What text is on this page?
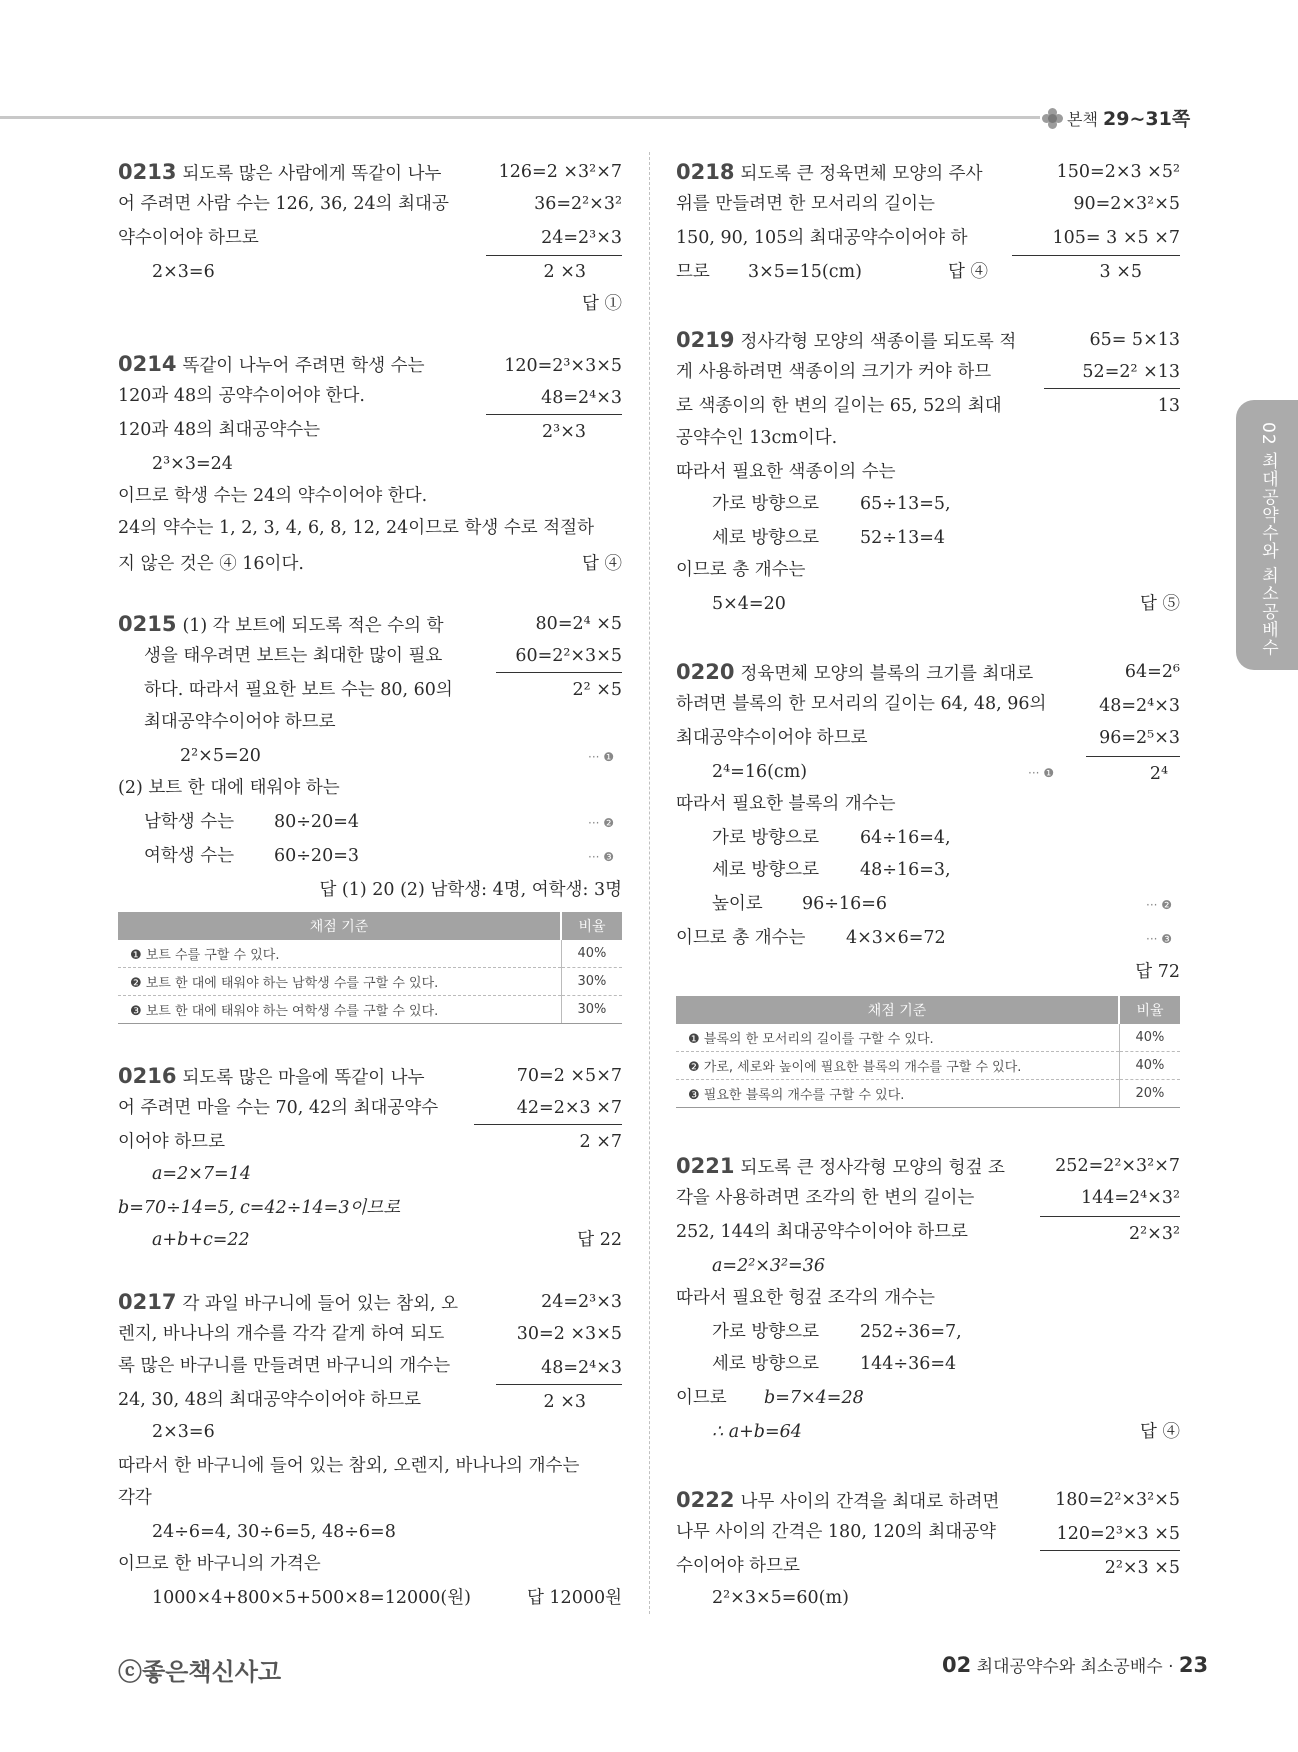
본책 29~31쪽
02 최대공약수와 최소공배수
0213 되도록 많은 사람에게 똑같이 나누
어 주려면 사람 수는 126, 36, 24의 최대공
약수이어야 하므로
2×3=6
126=2 ×3²×7
36=2²×3²
24=2³×3
2 ×3
답 ①
0214 똑같이 나누어 주려면 학생 수는
120과 48의 공약수이어야 한다.
120과 48의 최대공약수는
2³×3=24
이므로 학생 수는 24의 약수이어야 한다.
24의 약수는 1, 2, 3, 4, 6, 8, 12, 24이므로 학생 수로 적절하
지 않은 것은 ④ 16이다.
120=2³×3×5
48=2⁴×3
2³×3
답 ④
0215 (1) 각 보트에 되도록 적은 수의 학
생을 태우려면 보트는 최대한 많이 필요
하다. 따라서 필요한 보트 수는 80, 60의
최대공약수이어야 하므로
2²×5=20
(2) 보트 한 대에 태워야 하는
남학생 수는 80÷20=4
여학생 수는 60÷20=3
··· ❶
··· ❷
··· ❸
80=2⁴ ×5
60=2²×3×5
2² ×5
답 (1) 20 (2) 남학생: 4명, 여학생: 3명
채점 기준	비율
❶ 보트 수를 구할 수 있다.	40%
❷ 보트 한 대에 태워야 하는 남학생 수를 구할 수 있다.	30%
❸ 보트 한 대에 태워야 하는 여학생 수를 구할 수 있다.	30%
0216 되도록 많은 마을에 똑같이 나누
어 주려면 마을 수는 70, 42의 최대공약수
이어야 하므로
a=2×7=14
b=70÷14=5, c=42÷14=3이므로
a+b+c=22
70=2 ×5×7
42=2×3 ×7
2 ×7
답 22
0217 각 과일 바구니에 들어 있는 참외, 오
렌지, 바나나의 개수를 각각 같게 하여 되도
록 많은 바구니를 만들려면 바구니의 개수는
24, 30, 48의 최대공약수이어야 하므로
2×3=6
따라서 한 바구니에 들어 있는 참외, 오렌지, 바나나의 개수는
각각
24÷6=4, 30÷6=5, 48÷6=8
이므로 한 바구니의 가격은
1000×4+800×5+500×8=12000(원)
24=2³×3
30=2 ×3×5
48=2⁴×3
2 ×3
답 12000원
0218 되도록 큰 정육면체 모양의 주사
위를 만들려면 한 모서리의 길이는
150, 90, 105의 최대공약수이어야 하
므로 3×5=15(cm)	답 ④
150=2×3 ×5²
90=2×3²×5
105= 3 ×5 ×7
3 ×5
0219 정사각형 모양의 색종이를 되도록 적
게 사용하려면 색종이의 크기가 커야 하므
로 색종이의 한 변의 길이는 65, 52의 최대
공약수인 13cm이다.
따라서 필요한 색종이의 수는
가로 방향으로 65÷13=5,
세로 방향으로 52÷13=4
이므로 총 개수는
5×4=20	답 ⑤
65= 5×13
52=2² ×13
13
0220 정육면체 모양의 블록의 크기를 최대로
하려면 블록의 한 모서리의 길이는 64, 48, 96의
최대공약수이어야 하므로
2⁴=16(cm)
따라서 필요한 블록의 개수는
가로 방향으로 64÷16=4,
세로 방향으로 48÷16=3,
높이로 96÷16=6
이므로 총 개수는 4×3×6=72
··· ❶
··· ❷
··· ❸
64=2⁶
48=2⁴×3
96=2⁵×3
2⁴
답 72
채점 기준	비율
❶ 블록의 한 모서리의 길이를 구할 수 있다.	40%
❷ 가로, 세로와 높이에 필요한 블록의 개수를 구할 수 있다.	40%
❸ 필요한 블록의 개수를 구할 수 있다.	20%
0221 되도록 큰 정사각형 모양의 헝겊 조
각을 사용하려면 조각의 한 변의 길이는
252, 144의 최대공약수이어야 하므로
a=2²×3²=36
따라서 필요한 헝겊 조각의 개수는
가로 방향으로 252÷36=7,
세로 방향으로 144÷36=4
이므로 b=7×4=28
∴ a+b=64	답 ④
252=2²×3²×7
144=2⁴×3²
2²×3²
0222 나무 사이의 간격을 최대로 하려면
나무 사이의 간격은 180, 120의 최대공약
수이어야 하므로
2²×3×5=60(m)
180=2²×3²×5
120=2³×3 ×5
2²×3 ×5
ⓒ좋은책신사고	02 최대공약수와 최소공배수 · 23
